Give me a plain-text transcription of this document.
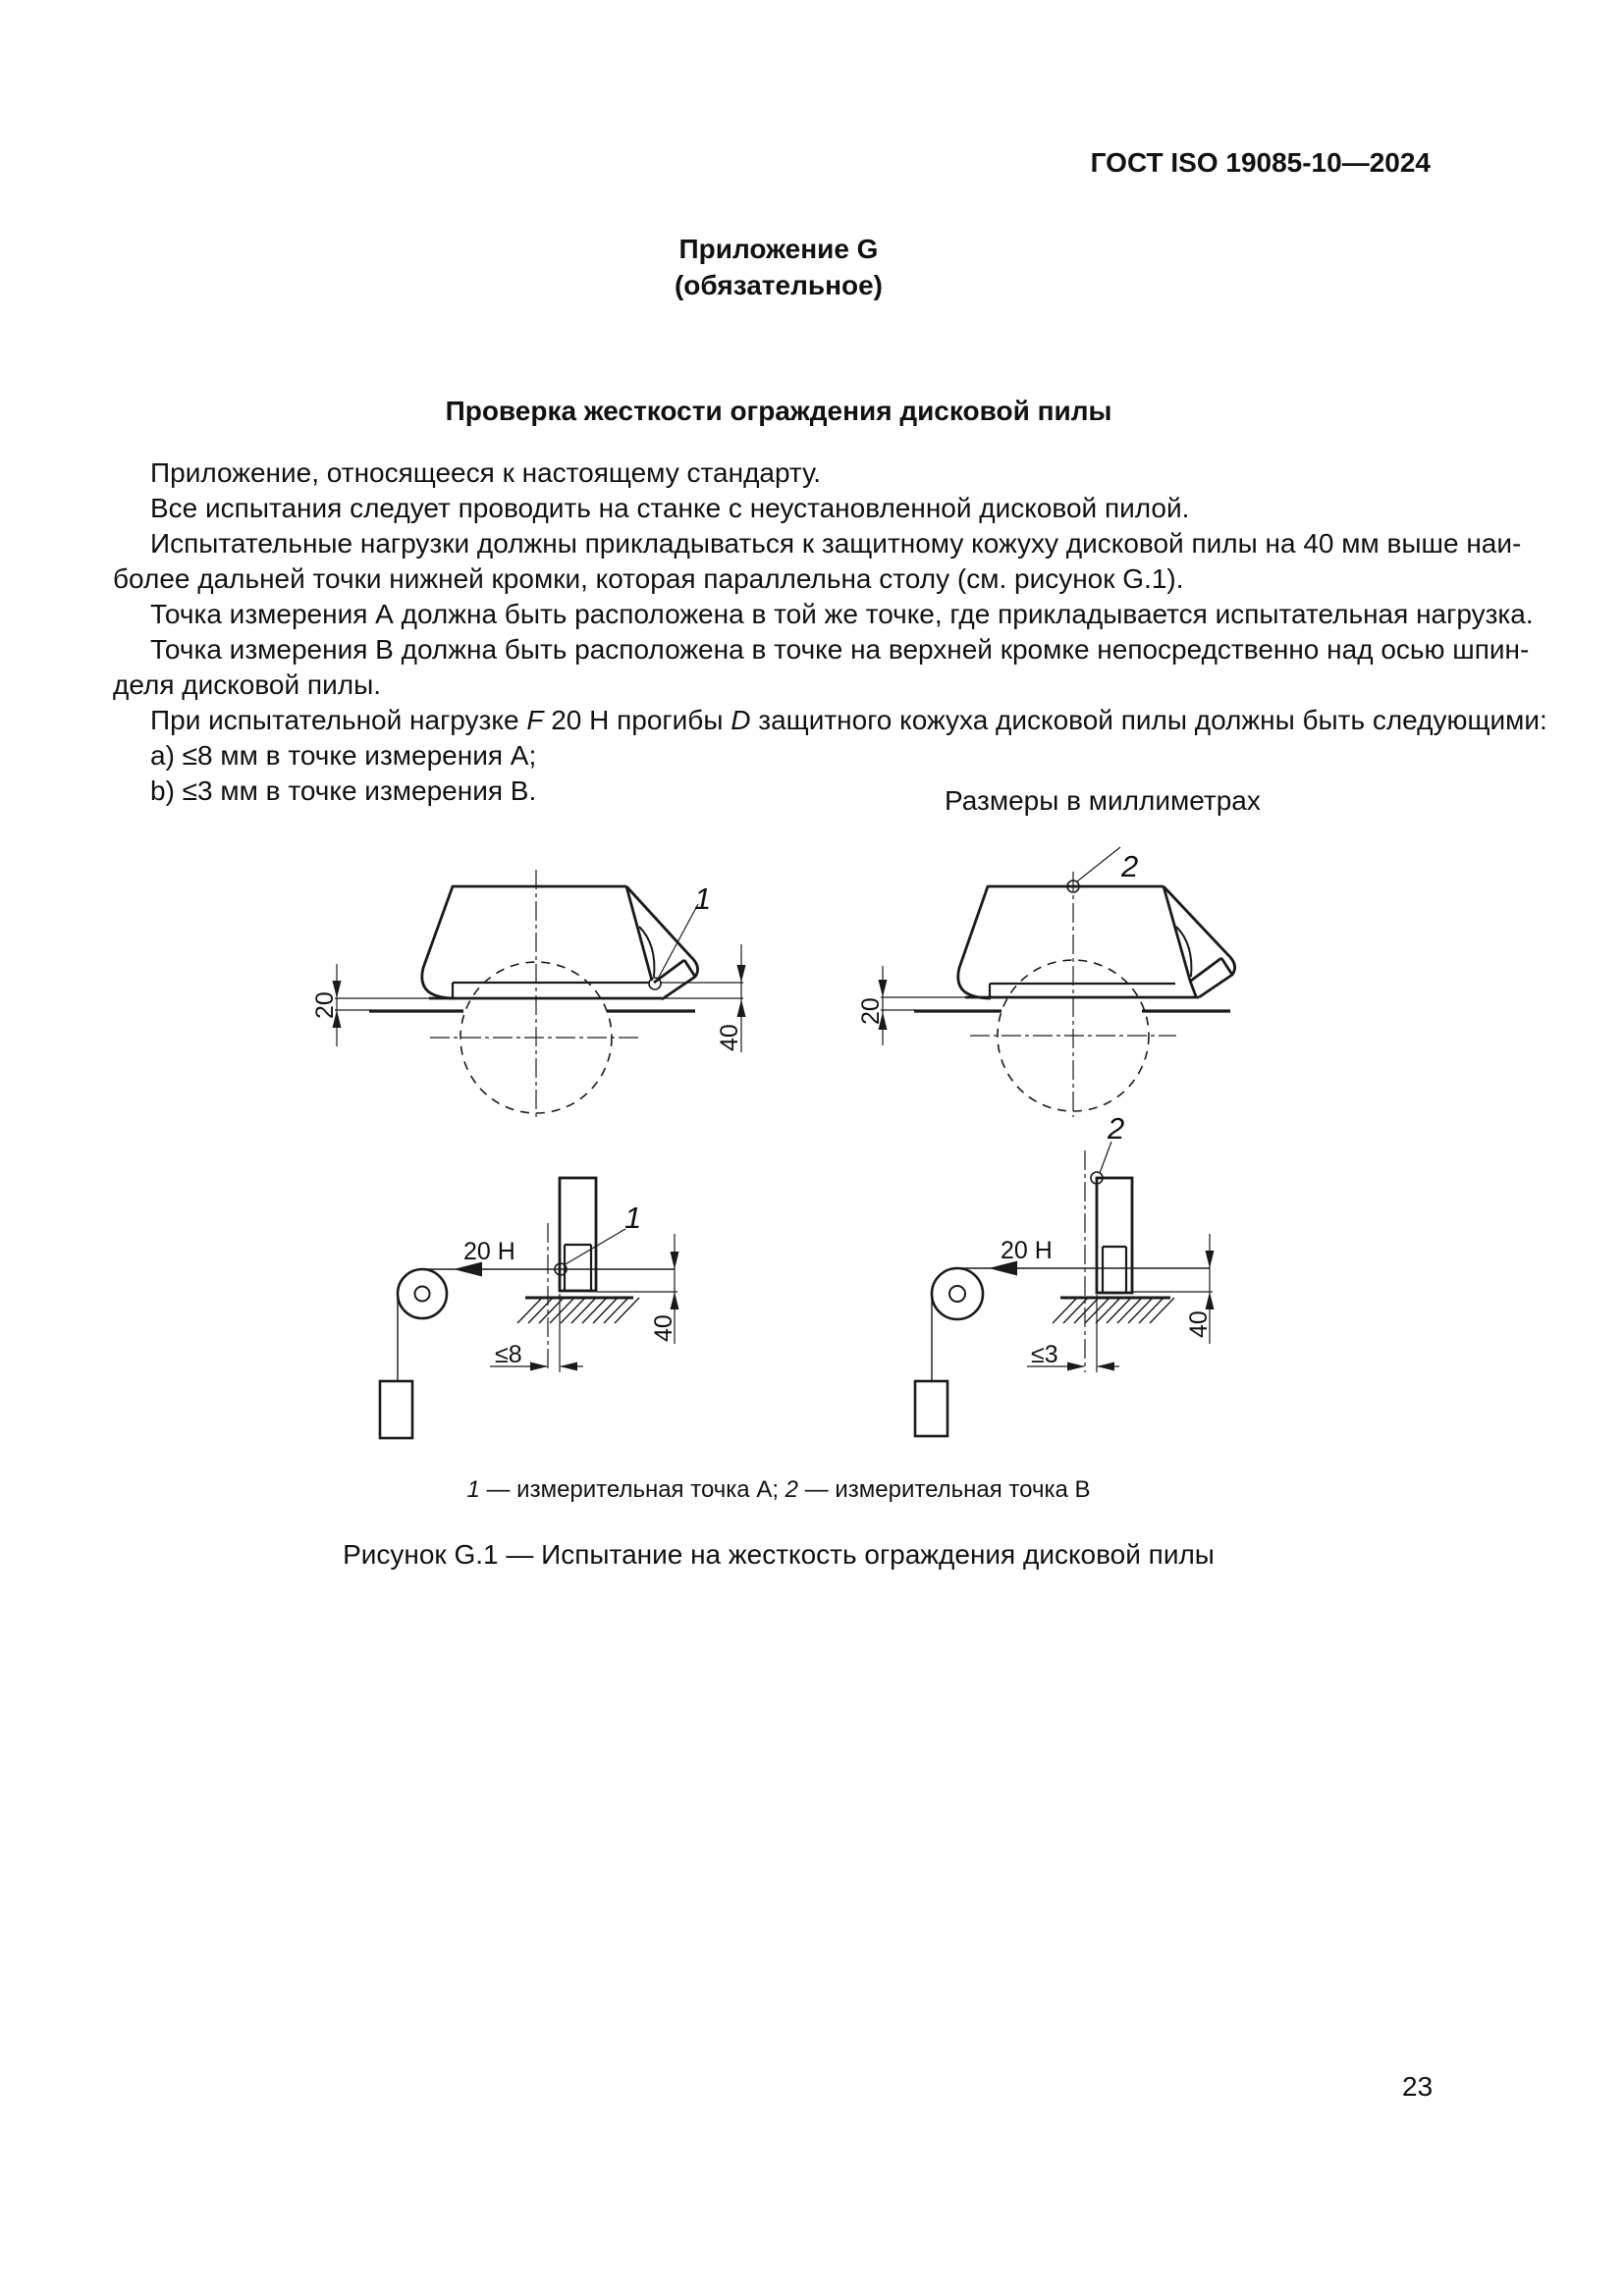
ГОСТ ISO 19085-10—2024
Приложение G
(обязательное)
Проверка жесткости ограждения дисковой пилы
Приложение, относящееся к настоящему стандарту.
Все испытания следует проводить на станке с неустановленной дисковой пилой.
Испытательные нагрузки должны прикладываться к защитному кожуху дисковой пилы на 40 мм выше наи-
более дальней точки нижней кромки, которая параллельна столу (см. рисунок G.1).
Точка измерения А должна быть расположена в той же точке, где прикладывается испытательная нагрузка.
Точка измерения В должна быть расположена в точке на верхней кромке непосредственно над осью шпин-
деля дисковой пилы.
При испытательной нагрузке F 20 Н прогибы D защитного кожуха дисковой пилы должны быть следующими:
a) ≤8 мм в точке измерения А;
b) ≤3 мм в точке измерения В.	Размеры в миллиметрах
1
20
40
2
20
20 Н
1
40
≤8
20 Н
2
40
≤3
1 — измерительная точка А; 2 — измерительная точка В
Рисунок G.1 — Испытание на жесткость ограждения дисковой пилы
23
